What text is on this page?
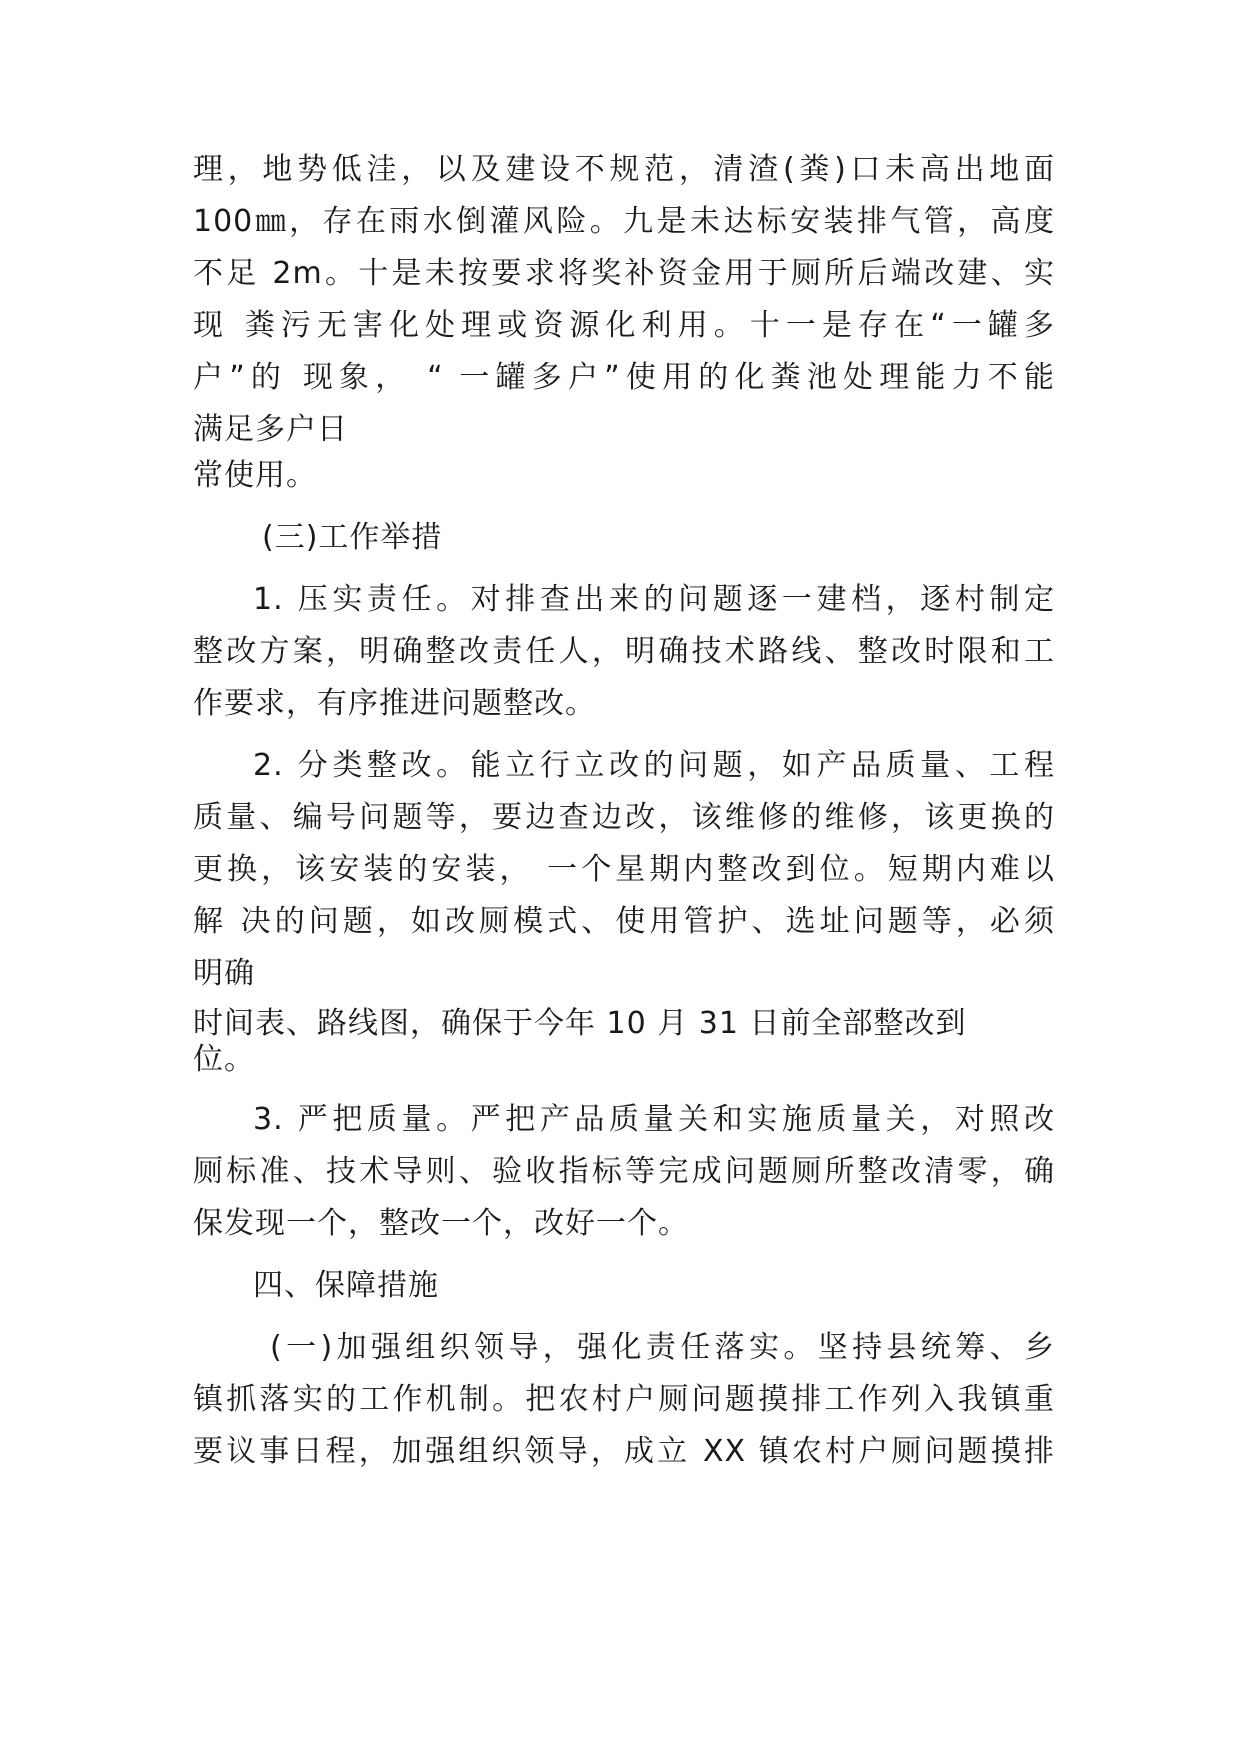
理，地势低洼，以及建设不规范，清渣(粪)口未高出地面
100㎜，存在雨水倒灌风险。九是未达标安装排气管，高度
不足 2m。十是未按要求将奖补资金用于厕所后端改建、实
现 粪污无害化处理或资源化利用。十一是存在“一罐多
户”的 现象， “ 一罐多户”使用的化粪池处理能力不能
满足多户日
常使用。
(三)工作举措
1. 压实责任。对排查出来的问题逐一建档，逐村制定
整改方案，明确整改责任人，明确技术路线、整改时限和工
作要求，有序推进问题整改。
2. 分类整改。能立行立改的问题，如产品质量、工程
质量、编号问题等，要边查边改，该维修的维修，该更换的
更换，该安装的安装， 一个星期内整改到位。短期内难以
解 决的问题，如改厕模式、使用管护、选址问题等，必须
明确
时间表、路线图，确保于今年 10 月 31 日前全部整改到
位。
3. 严把质量。严把产品质量关和实施质量关，对照改
厕标准、技术导则、验收指标等完成问题厕所整改清零，确
保发现一个，整改一个，改好一个。
四、保障措施
(一)加强组织领导，强化责任落实。坚持县统筹、乡
镇抓落实的工作机制。把农村户厕问题摸排工作列入我镇重
要议事日程，加强组织领导，成立 XX 镇农村户厕问题摸排
